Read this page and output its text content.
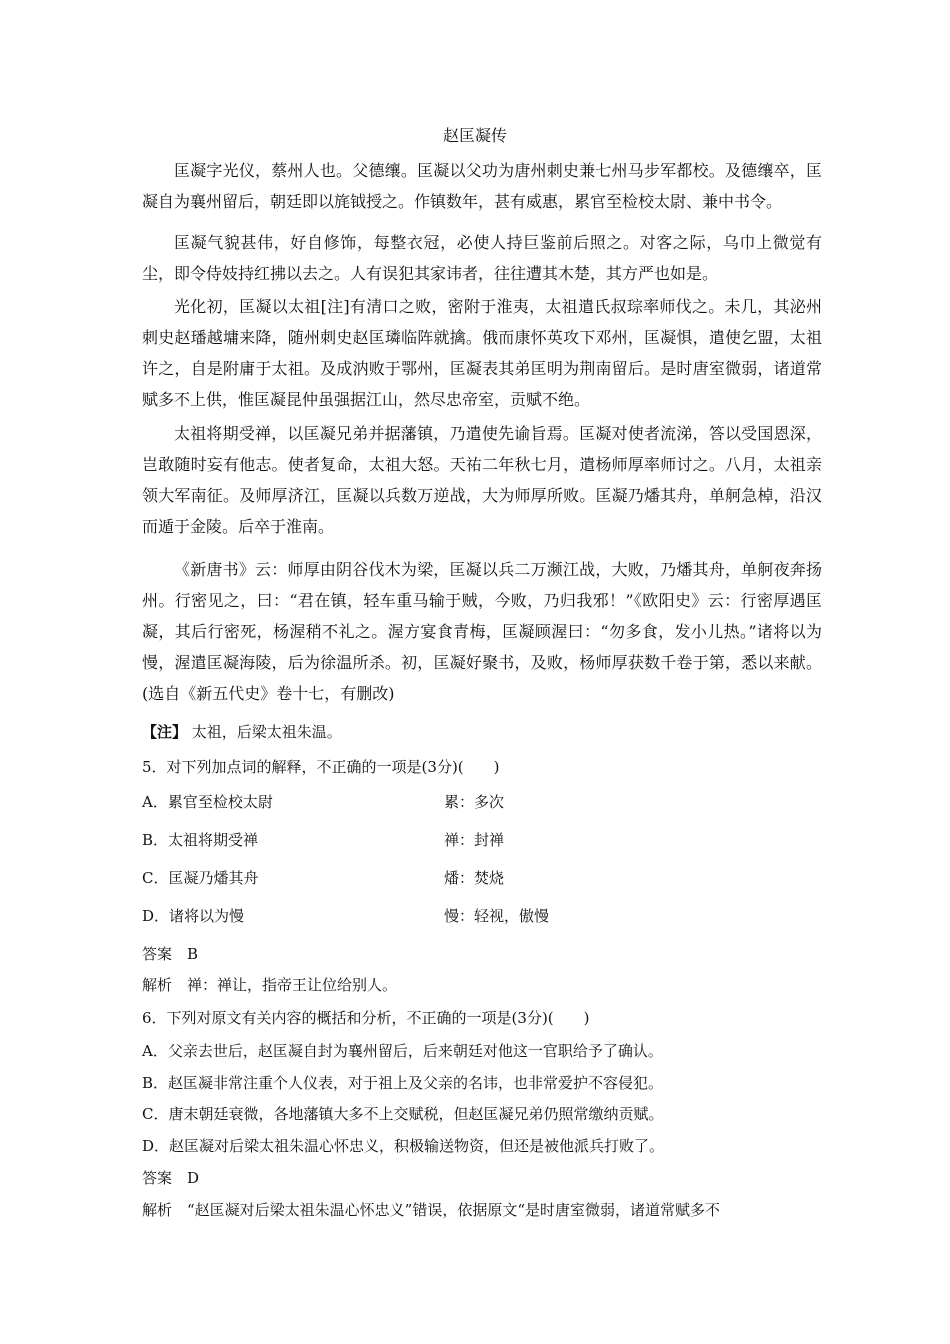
赵匡凝传

匡凝字光仪，蔡州人也。父德𬙋。匡凝以父功为唐州刺史兼七州马步军都校。及德𬙋卒，匡凝自为襄州留后，朝廷即以旄钺授之。作镇数年，甚有威惠，累官至检校太尉、兼中书令。

匡凝气貌甚伟，好自修饰，每整衣冠，必使人持巨鉴前后照之。对客之际，乌巾上微觉有尘，即令侍妓持红拂以去之。人有误犯其家讳者，往往遭其木楚，其方严也如是。

光化初，匡凝以太祖[注]有清口之败，密附于淮夷，太祖遣氏叔琮率师伐之。未几，其泌州刺史赵璠越墉来降，随州刺史赵匡璘临阵就擒。俄而康怀英攻下邓州，匡凝惧，遣使乞盟，太祖许之，自是附庸于太祖。及成汭败于鄂州，匡凝表其弟匡明为荆南留后。是时唐室微弱，诸道常赋多不上供，惟匡凝昆仲虽强据江山，然尽忠帝室，贡赋不绝。

太祖将期受禅，以匡凝兄弟并据藩镇，乃遣使先谕旨焉。匡凝对使者流涕，答以受国恩深，岂敢随时妄有他志。使者复命，太祖大怒。天祐二年秋七月，遣杨师厚率师讨之。八月，太祖亲领大军南征。及师厚济江，匡凝以兵数万逆战，大为师厚所败。匡凝乃燔其舟，单舸急棹，沿汉而遁于金陵。后卒于淮南。

《新唐书》云：师厚由阴谷伐木为梁，匡凝以兵二万濒江战，大败，乃燔其舟，单舸夜奔扬州。行密见之，曰：“君在镇，轻车重马输于贼，今败，乃归我邪！”《欧阳史》云：行密厚遇匡凝，其后行密死，杨渥稍不礼之。渥方宴食青梅，匡凝顾渥曰：“勿多食，发小儿热。”诸将以为慢，渥遣匡凝海陵，后为徐温所杀。初，匡凝好聚书，及败，杨师厚获数千卷于第，悉以来献。(选自《新五代史》卷十七，有删改)

【注】 太祖，后梁太祖朱温。
5．对下列加点词的解释，不正确的一项是(3分)(　　)
A．累官至检校太尉	累：多次
B．太祖将期受禅	禅：封禅
C．匡凝乃燔其舟	燔：焚烧
D．诸将以为慢	慢：轻视，傲慢
答案　B
解析　禅：禅让，指帝王让位给别人。
6．下列对原文有关内容的概括和分析，不正确的一项是(3分)(　　)
A．父亲去世后，赵匡凝自封为襄州留后，后来朝廷对他这一官职给予了确认。
B．赵匡凝非常注重个人仪表，对于祖上及父亲的名讳，也非常爱护不容侵犯。
C．唐末朝廷衰微，各地藩镇大多不上交赋税，但赵匡凝兄弟仍照常缴纳贡赋。
D．赵匡凝对后梁太祖朱温心怀忠义，积极输送物资，但还是被他派兵打败了。
答案　D
解析　“赵匡凝对后梁太祖朱温心怀忠义”错误，依据原文“是时唐室微弱，诸道常赋多不
